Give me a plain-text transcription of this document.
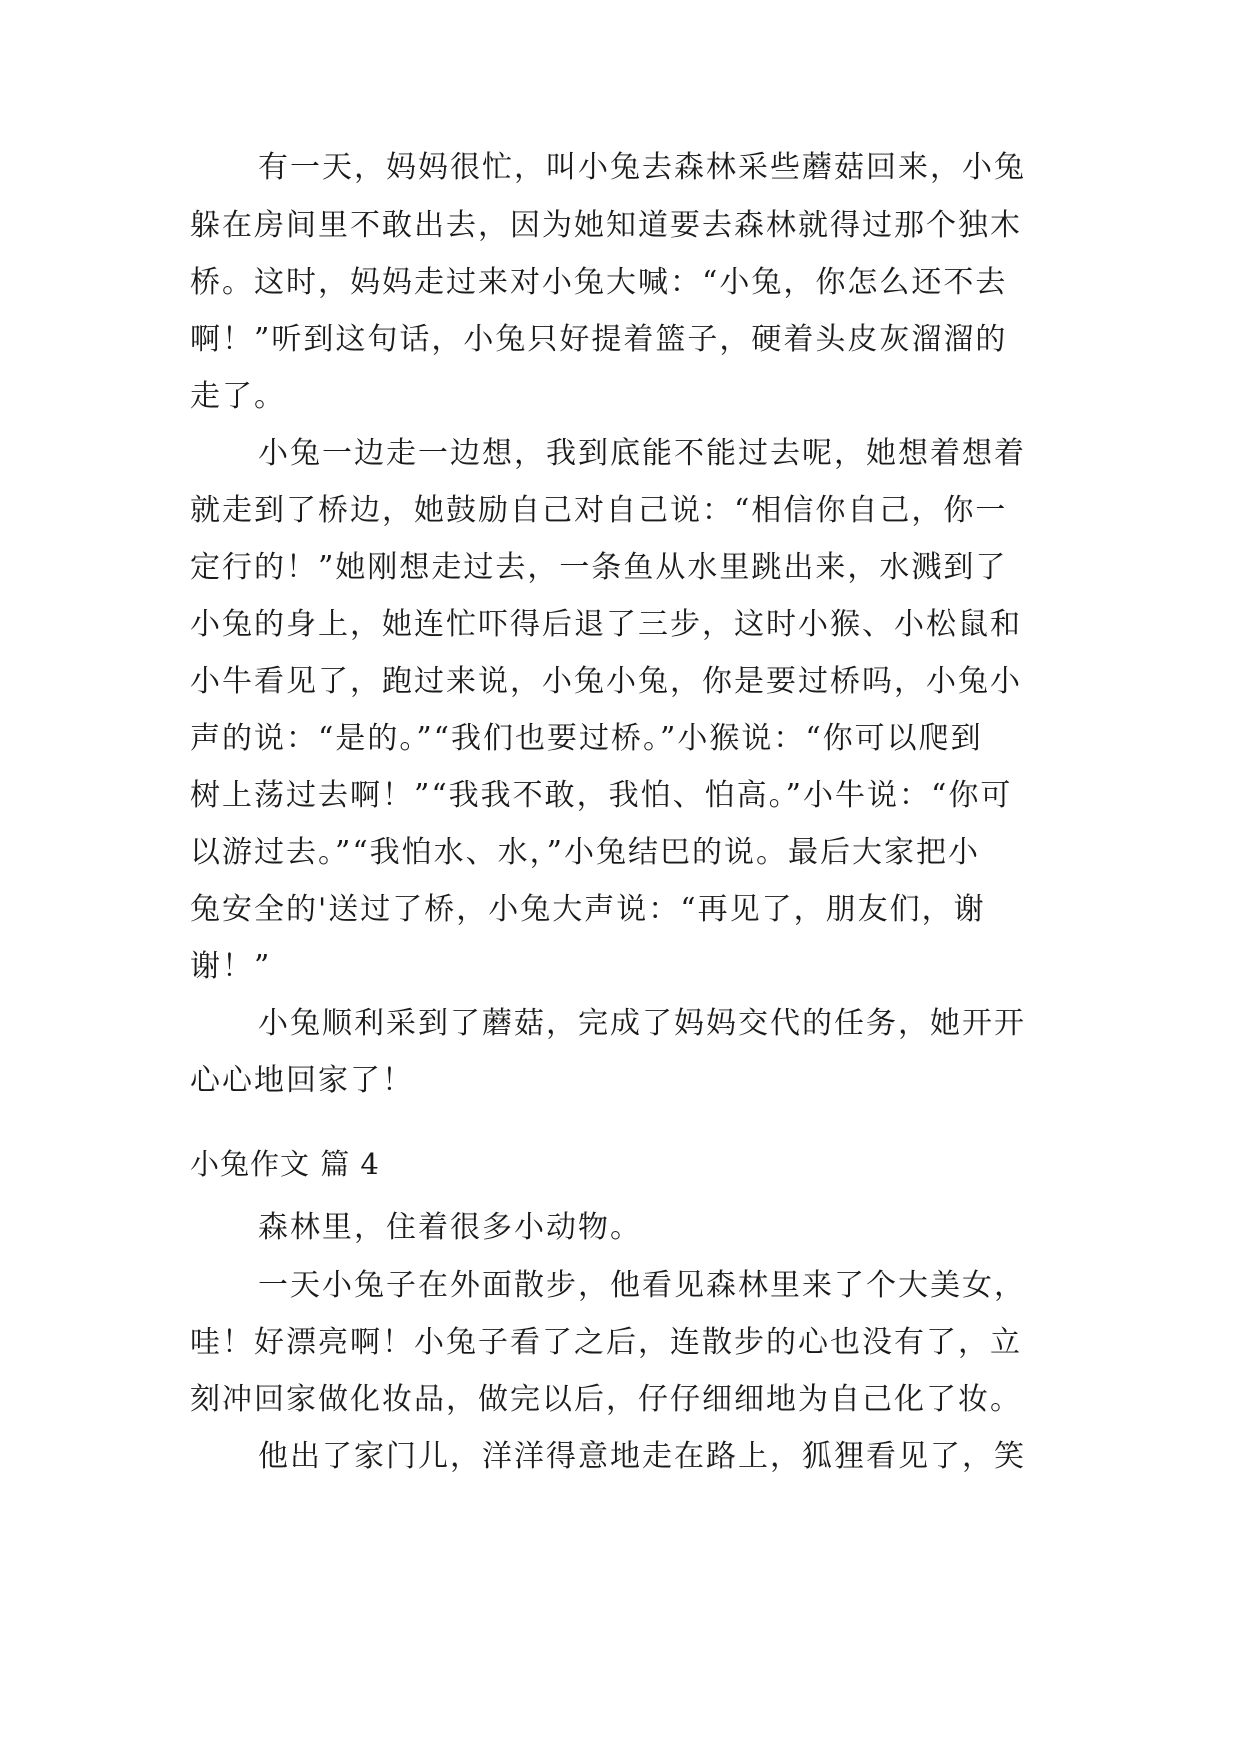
有一天，妈妈很忙，叫小兔去森林采些蘑菇回来，小兔
躲在房间里不敢出去，因为她知道要去森林就得过那个独木
桥。这时，妈妈走过来对小兔大喊：“小兔，你怎么还不去
啊！”听到这句话，小兔只好提着篮子，硬着头皮灰溜溜的
走了。
小兔一边走一边想，我到底能不能过去呢，她想着想着
就走到了桥边，她鼓励自己对自己说：“相信你自己，你一
定行的！”她刚想走过去，一条鱼从水里跳出来，水溅到了
小兔的身上，她连忙吓得后退了三步，这时小猴、小松鼠和
小牛看见了，跑过来说，小兔小兔，你是要过桥吗，小兔小
声的说：“是的。”“我们也要过桥。”小猴说：“你可以爬到
树上荡过去啊！”“我我不敢，我怕、怕高。”小牛说：“你可
以游过去。”“我怕水、水，”小兔结巴的说。最后大家把小
兔安全的'送过了桥，小兔大声说：“再见了，朋友们，谢
谢！”
小兔顺利采到了蘑菇，完成了妈妈交代的任务，她开开
心心地回家了！
小兔作文 篇 4
森林里，住着很多小动物。
一天小兔子在外面散步，他看见森林里来了个大美女，
哇！好漂亮啊！小兔子看了之后，连散步的心也没有了，立
刻冲回家做化妆品，做完以后，仔仔细细地为自己化了妆。
他出了家门儿，洋洋得意地走在路上，狐狸看见了，笑
